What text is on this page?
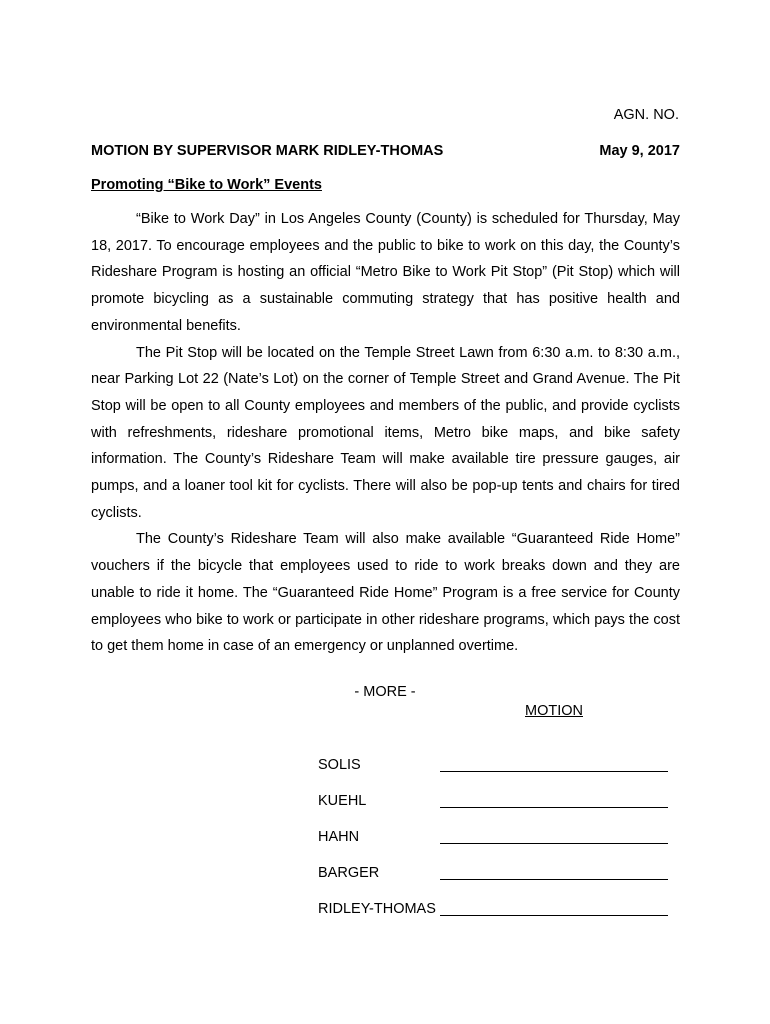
AGN. NO.
MOTION BY SUPERVISOR MARK RIDLEY-THOMAS	May 9, 2017
Promoting “Bike to Work” Events

“Bike to Work Day” in Los Angeles County (County) is scheduled for Thursday, May 18, 2017. To encourage employees and the public to bike to work on this day, the County’s Rideshare Program is hosting an official “Metro Bike to Work Pit Stop” (Pit Stop) which will promote bicycling as a sustainable commuting strategy that has positive health and environmental benefits.

The Pit Stop will be located on the Temple Street Lawn from 6:30 a.m. to 8:30 a.m., near Parking Lot 22 (Nate’s Lot) on the corner of Temple Street and Grand Avenue. The Pit Stop will be open to all County employees and members of the public, and provide cyclists with refreshments, rideshare promotional items, Metro bike maps, and bike safety information. The County’s Rideshare Team will make available tire pressure gauges, air pumps, and a loaner tool kit for cyclists. There will also be pop-up tents and chairs for tired cyclists.

The County’s Rideshare Team will also make available “Guaranteed Ride Home” vouchers if the bicycle that employees used to ride to work breaks down and they are unable to ride it home. The “Guaranteed Ride Home” Program is a free service for County employees who bike to work or participate in other rideshare programs, which pays the cost to get them home in case of an emergency or unplanned overtime.

- MORE -
MOTION
SOLIS
KUEHL
HAHN
BARGER
RIDLEY-THOMAS
